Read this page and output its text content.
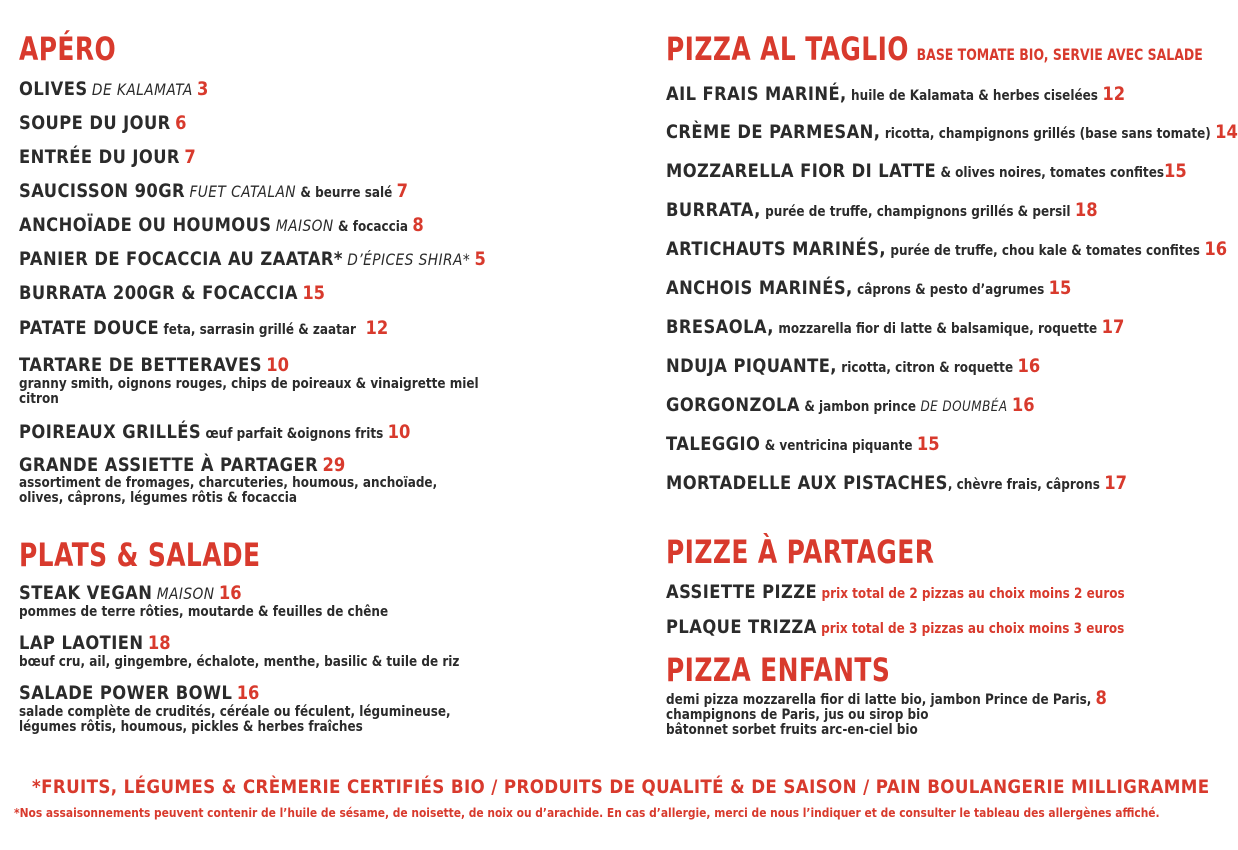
APÉRO
OLIVES DE KALAMATA 3
SOUPE DU JOUR 6
ENTRÉE DU JOUR 7
SAUCISSON 90GR FUET CATALAN & beurre salé 7
ANCHOÏADE OU HOUMOUS MAISON & focaccia 8
PANIER DE FOCACCIA AU ZAATAR* D’ÉPICES SHIRA* 5
BURRATA 200GR & FOCACCIA 15
PATATE DOUCE feta, sarrasin grillé & zaatar 12
TARTARE DE BETTERAVES 10
granny smith, oignons rouges, chips de poireaux & vinaigrette miel
citron
POIREAUX GRILLÉS œuf parfait &oignons frits 10
GRANDE ASSIETTE À PARTAGER 29
assortiment de fromages, charcuteries, houmous, anchoïade,
olives, câprons, légumes rôtis & focaccia
PLATS & SALADE
STEAK VEGAN MAISON 16
pommes de terre rôties, moutarde & feuilles de chêne
LAP LAOTIEN 18
bœuf cru, ail, gingembre, échalote, menthe, basilic & tuile de riz
SALADE POWER BOWL 16
salade complète de crudités, céréale ou féculent, légumineuse,
légumes rôtis, houmous, pickles & herbes fraîches
PIZZA AL TAGLIO BASE TOMATE BIO, SERVIE AVEC SALADE
AIL FRAIS MARINÉ, huile de Kalamata & herbes ciselées 12
CRÈME DE PARMESAN, ricotta, champignons grillés (base sans tomate) 14
MOZZARELLA FIOR DI LATTE & olives noires, tomates confites15
BURRATA, purée de truffe, champignons grillés & persil 18
ARTICHAUTS MARINÉS, purée de truffe, chou kale & tomates confites 16
ANCHOIS MARINÉS, câprons & pesto d’agrumes 15
BRESAOLA, mozzarella fior di latte & balsamique, roquette 17
NDUJA PIQUANTE, ricotta, citron & roquette 16
GORGONZOLA & jambon prince DE DOUMBÉA 16
TALEGGIO & ventricina piquante 15
MORTADELLE AUX PISTACHES, chèvre frais, câprons 17
PIZZE À PARTAGER
ASSIETTE PIZZE prix total de 2 pizzas au choix moins 2 euros
PLAQUE TRIZZA prix total de 3 pizzas au choix moins 3 euros
PIZZA ENFANTS
demi pizza mozzarella fior di latte bio, jambon Prince de Paris, 8
champignons de Paris, jus ou sirop bio
bâtonnet sorbet fruits arc-en-ciel bio
*FRUITS, LÉGUMES & CRÈMERIE CERTIFIÉS BIO / PRODUITS DE QUALITÉ & DE SAISON / PAIN BOULANGERIE MILLIGRAMME
*Nos assaisonnements peuvent contenir de l’huile de sésame, de noisette, de noix ou d’arachide. En cas d’allergie, merci de nous l’indiquer et de consulter le tableau des allergènes affiché.
